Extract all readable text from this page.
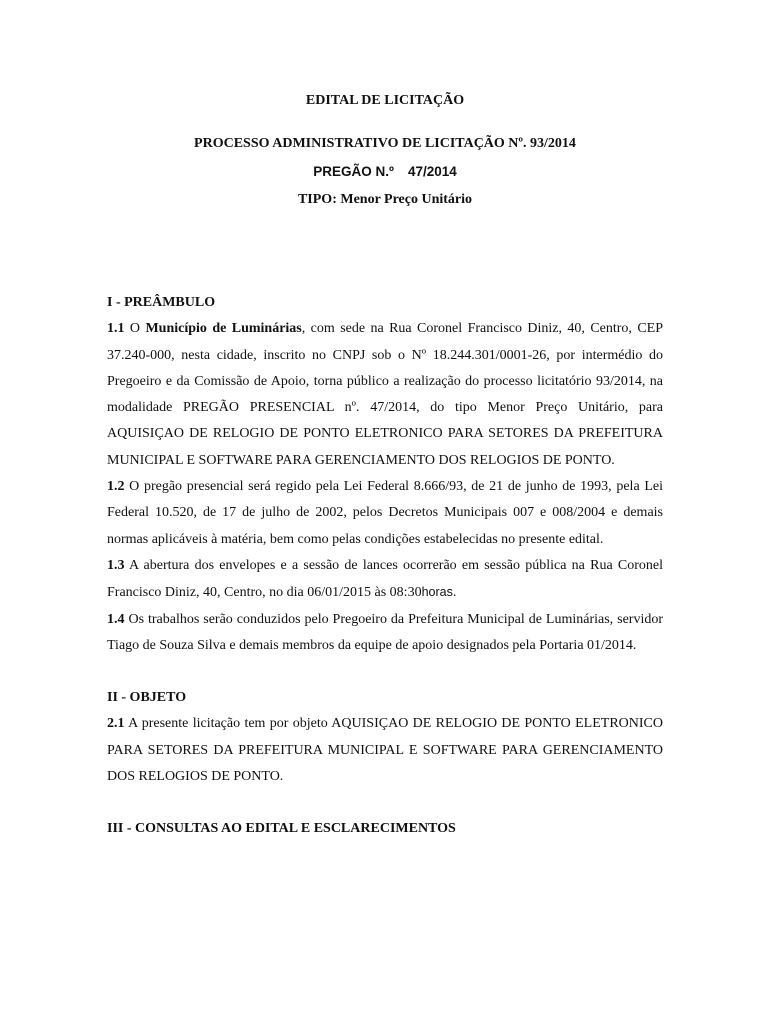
EDITAL DE LICITAÇÃO
PROCESSO ADMINISTRATIVO DE LICITAÇÃO Nº. 93/2014
PREGÃO N.º 47/2014
TIPO: Menor Preço Unitário
I - PREÂMBULO

1.1 O Município de Luminárias, com sede na Rua Coronel Francisco Diniz, 40, Centro, CEP 37.240-000, nesta cidade, inscrito no CNPJ sob o Nº 18.244.301/0001-26, por intermédio do Pregoeiro e da Comissão de Apoio, torna público a realização do processo licitatório 93/2014, na modalidade PREGÃO PRESENCIAL nº. 47/2014, do tipo Menor Preço Unitário, para AQUISIÇAO DE RELOGIO DE PONTO ELETRONICO PARA SETORES DA PREFEITURA MUNICIPAL E SOFTWARE PARA GERENCIAMENTO DOS RELOGIOS DE PONTO.

1.2 O pregão presencial será regido pela Lei Federal 8.666/93, de 21 de junho de 1993, pela Lei Federal 10.520, de 17 de julho de 2002, pelos Decretos Municipais 007 e 008/2004 e demais normas aplicáveis à matéria, bem como pelas condições estabelecidas no presente edital.

1.3 A abertura dos envelopes e a sessão de lances ocorrerão em sessão pública na Rua Coronel Francisco Diniz, 40, Centro, no dia 06/01/2015 às 08:30horas.

1.4 Os trabalhos serão conduzidos pelo Pregoeiro da Prefeitura Municipal de Luminárias, servidor Tiago de Souza Silva e demais membros da equipe de apoio designados pela Portaria 01/2014.

II - OBJETO

2.1 A presente licitação tem por objeto AQUISIÇAO DE RELOGIO DE PONTO ELETRONICO PARA SETORES DA PREFEITURA MUNICIPAL E SOFTWARE PARA GERENCIAMENTO DOS RELOGIOS DE PONTO.

III - CONSULTAS AO EDITAL E ESCLARECIMENTOS
